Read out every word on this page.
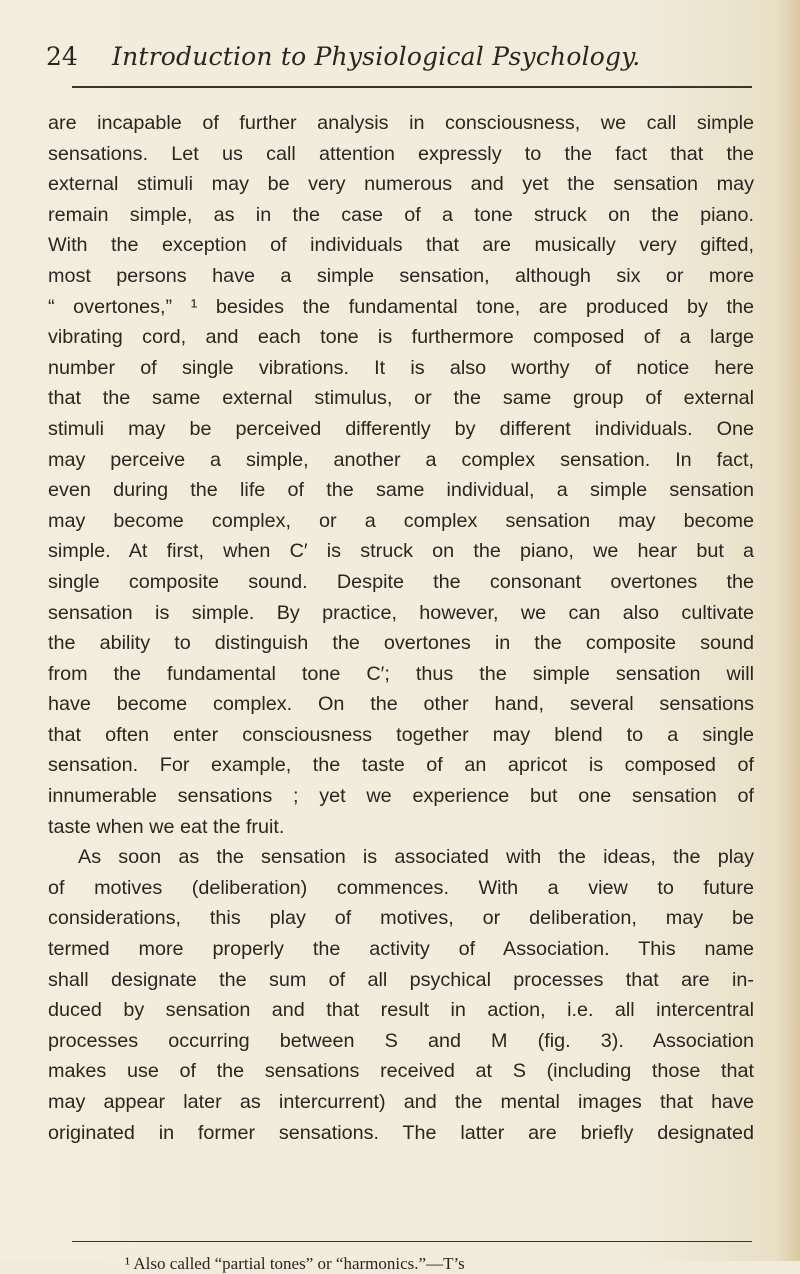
24 Introduction to Physiological Psychology.
are incapable of further analysis in consciousness, we call simple
sensations. Let us call attention expressly to the fact that the
external stimuli may be very numerous and yet the sensation may
remain simple, as in the case of a tone struck on the piano.
With the exception of individuals that are musically very gifted,
most persons have a simple sensation, although six or more
“ overtones,” ¹ besides the fundamental tone, are produced by the
vibrating cord, and each tone is furthermore composed of a large
number of single vibrations. It is also worthy of notice here
that the same external stimulus, or the same group of external
stimuli may be perceived differently by different individuals. One
may perceive a simple, another a complex sensation. In fact,
even during the life of the same individual, a simple sensation
may become complex, or a complex sensation may become
simple. At first, when C′ is struck on the piano, we hear but a
single composite sound. Despite the consonant overtones the
sensation is simple. By practice, however, we can also cultivate
the ability to distinguish the overtones in the composite sound
from the fundamental tone C′; thus the simple sensation will
have become complex. On the other hand, several sensations
that often enter consciousness together may blend to a single
sensation. For example, the taste of an apricot is composed of
innumerable sensations ; yet we experience but one sensation of
taste when we eat the fruit.
As soon as the sensation is associated with the ideas, the play
of motives (deliberation) commences. With a view to future
considerations, this play of motives, or deliberation, may be
termed more properly the activity of Association. This name
shall designate the sum of all psychical processes that are in-
duced by sensation and that result in action, i.e. all intercentral
processes occurring between S and M (fig. 3). Association
makes use of the sensations received at S (including those that
may appear later as intercurrent) and the mental images that have
originated in former sensations. The latter are briefly designated
¹ Also called “partial tones” or “harmonics.”—T’s
